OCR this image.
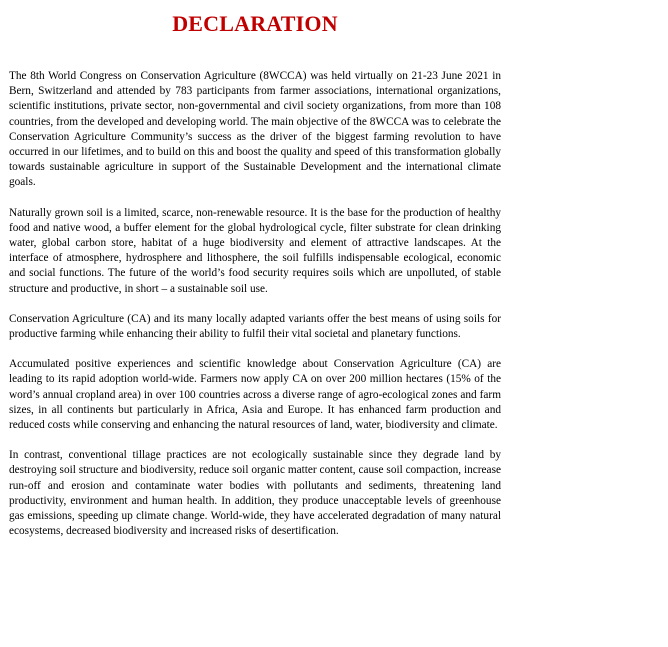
DECLARATION

The 8th World Congress on Conservation Agriculture (8WCCA) was held virtually on 21-23 June 2021 in Bern, Switzerland and attended by 783 participants from farmer associations, international organizations, scientific institutions, private sector, non-governmental and civil society organizations, from more than 108 countries, from the developed and developing world. The main objective of the 8WCCA was to celebrate the Conservation Agriculture Community’s success as the driver of the biggest farming revolution to have occurred in our lifetimes, and to build on this and boost the quality and speed of this transformation globally towards sustainable agriculture in support of the Sustainable Development and the international climate goals.

Naturally grown soil is a limited, scarce, non-renewable resource. It is the base for the production of healthy food and native wood, a buffer element for the global hydrological cycle, filter substrate for clean drinking water, global carbon store, habitat of a huge biodiversity and element of attractive landscapes. At the interface of atmosphere, hydrosphere and lithosphere, the soil fulfills indispensable ecological, economic and social functions. The future of the world’s food security requires soils which are unpolluted, of stable structure and productive, in short – a sustainable soil use.

Conservation Agriculture (CA) and its many locally adapted variants offer the best means of using soils for productive farming while enhancing their ability to fulfil their vital societal and planetary functions.

Accumulated positive experiences and scientific knowledge about Conservation Agriculture (CA) are leading to its rapid adoption world-wide. Farmers now apply CA on over 200 million hectares (15% of the word’s annual cropland area) in over 100 countries across a diverse range of agro-ecological zones and farm sizes, in all continents but particularly in Africa, Asia and Europe. It has enhanced farm production and reduced costs while conserving and enhancing the natural resources of land, water, biodiversity and climate.

In contrast, conventional tillage practices are not ecologically sustainable since they degrade land by destroying soil structure and biodiversity, reduce soil organic matter content, cause soil compaction, increase run-off and erosion and contaminate water bodies with pollutants and sediments, threatening land productivity, environment and human health. In addition, they produce unacceptable levels of greenhouse gas emissions, speeding up climate change. World-wide, they have accelerated degradation of many natural ecosystems, decreased biodiversity and increased risks of desertification.
